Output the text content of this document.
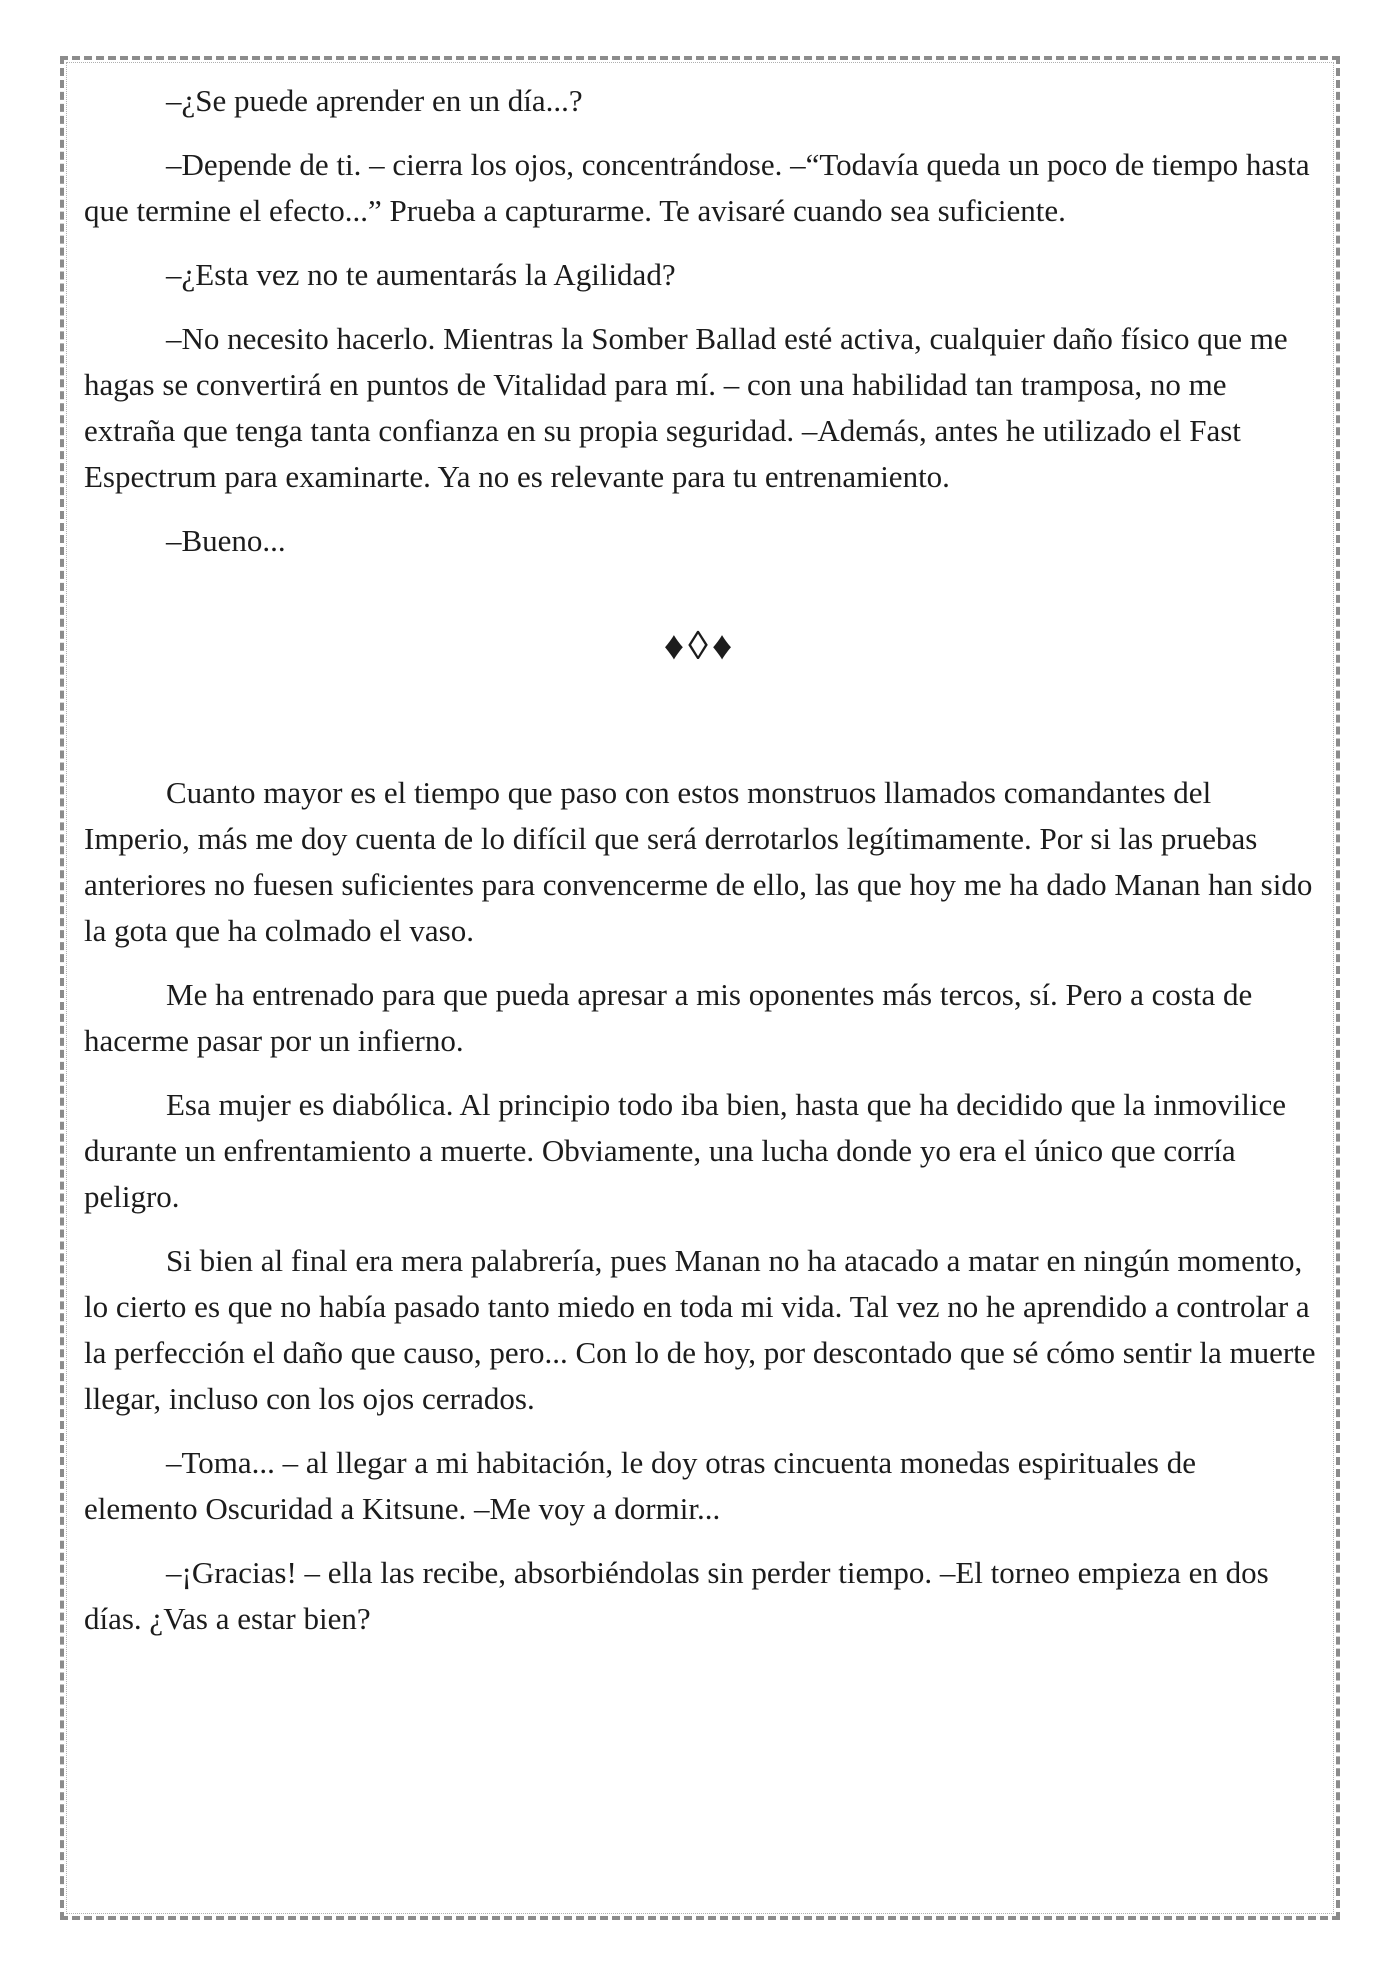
–¿Se puede aprender en un día...?

–Depende de ti. – cierra los ojos, concentrándose. –“Todavía queda un poco de tiempo hasta que termine el efecto...” Prueba a capturarme. Te avisaré cuando sea suficiente.

–¿Esta vez no te aumentarás la Agilidad?

–No necesito hacerlo. Mientras la Somber Ballad esté activa, cualquier daño físico que me hagas se convertirá en puntos de Vitalidad para mí. – con una habilidad tan tramposa, no me extraña que tenga tanta confianza en su propia seguridad. –Además, antes he utilizado el Fast Espectrum para examinarte. Ya no es relevante para tu entrenamiento.

–Bueno...

♦◊♦

Cuanto mayor es el tiempo que paso con estos monstruos llamados comandantes del Imperio, más me doy cuenta de lo difícil que será derrotarlos legítimamente. Por si las pruebas anteriores no fuesen suficientes para convencerme de ello, las que hoy me ha dado Manan han sido la gota que ha colmado el vaso.

Me ha entrenado para que pueda apresar a mis oponentes más tercos, sí. Pero a costa de hacerme pasar por un infierno.

Esa mujer es diabólica. Al principio todo iba bien, hasta que ha decidido que la inmovilice durante un enfrentamiento a muerte. Obviamente, una lucha donde yo era el único que corría peligro.

Si bien al final era mera palabrería, pues Manan no ha atacado a matar en ningún momento, lo cierto es que no había pasado tanto miedo en toda mi vida. Tal vez no he aprendido a controlar a la perfección el daño que causo, pero... Con lo de hoy, por descontado que sé cómo sentir la muerte llegar, incluso con los ojos cerrados.

–Toma... – al llegar a mi habitación, le doy otras cincuenta monedas espirituales de elemento Oscuridad a Kitsune. –Me voy a dormir...

–¡Gracias! – ella las recibe, absorbiéndolas sin perder tiempo. –El torneo empieza en dos días. ¿Vas a estar bien?
